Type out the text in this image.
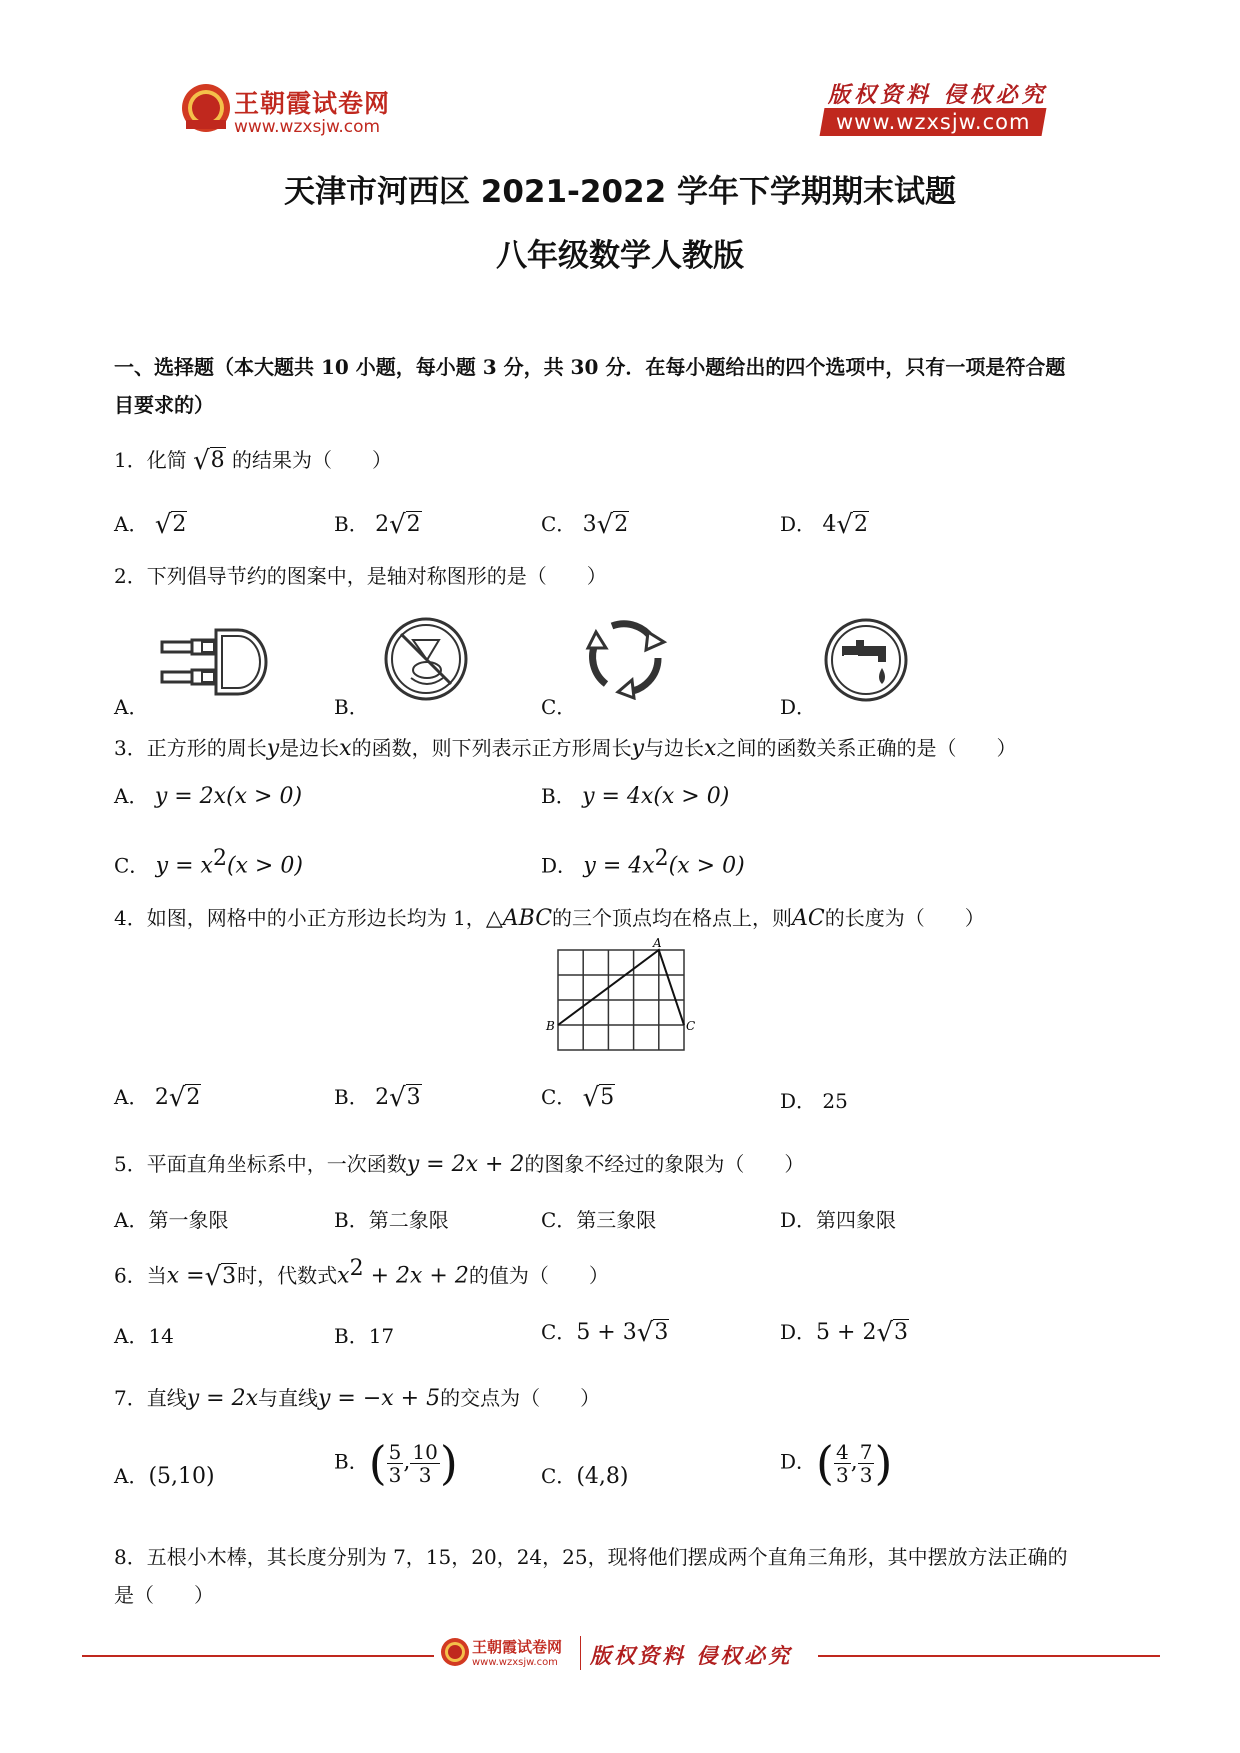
王朝霞试卷网
www.wzxsjw.com
版权资料 侵权必究
www.wzxsjw.com
天津市河西区 2021-2022 学年下学期期末试题
八年级数学人教版
一、选择题（本大题共 10 小题，每小题 3 分，共 30 分．在每小题给出的四个选项中，只有一项是符合题
目要求的）
1．化简 √8 的结果为（　　）
A． √2	B． 2√2	C． 3√2	D． 4√2
2．下列倡导节约的图案中，是轴对称图形的是（　　）
A．	B．	C．	D．
3．正方形的周长y是边长x的函数，则下列表示正方形周长y与边长x之间的函数关系正确的是（　　）
A． y = 2x(x > 0)	B． y = 4x(x > 0)
C． $y = x^2(x > 0)$	D． $y = 4x^2(x > 0)$
4．如图，网格中的小正方形边长均为 1，△ABC的三个顶点均在格点上，则AC的长度为（　　）
A
B	C
A． 2√2	B． 2√3	C． √5	D． 25
5．平面直角坐标系中，一次函数y = 2x + 2的图象不经过的象限为（　　）
A．第一象限	B．第二象限	C．第三象限	D．第四象限
6．当x =√3时，代数式$x^2 + 2x + 2$的值为（　　）
A．14	B．17	C．5 + 3√3	D．5 + 2√3
7．直线y = 2x与直线y = −x + 5的交点为（　　）
A．(5,10)
B．( $\frac{5}{3}$ , $\frac{10}{3}$ )	C．(4,8)
D．( $\frac{4}{3}$ , $\frac{7}{3}$ )
8．五根小木棒，其长度分别为 7，15，20，24，25，现将他们摆成两个直角三角形，其中摆放方法正确的
是（　　）
王朝霞试卷网
www.wzxsjw.com 版权资料 侵权必究
